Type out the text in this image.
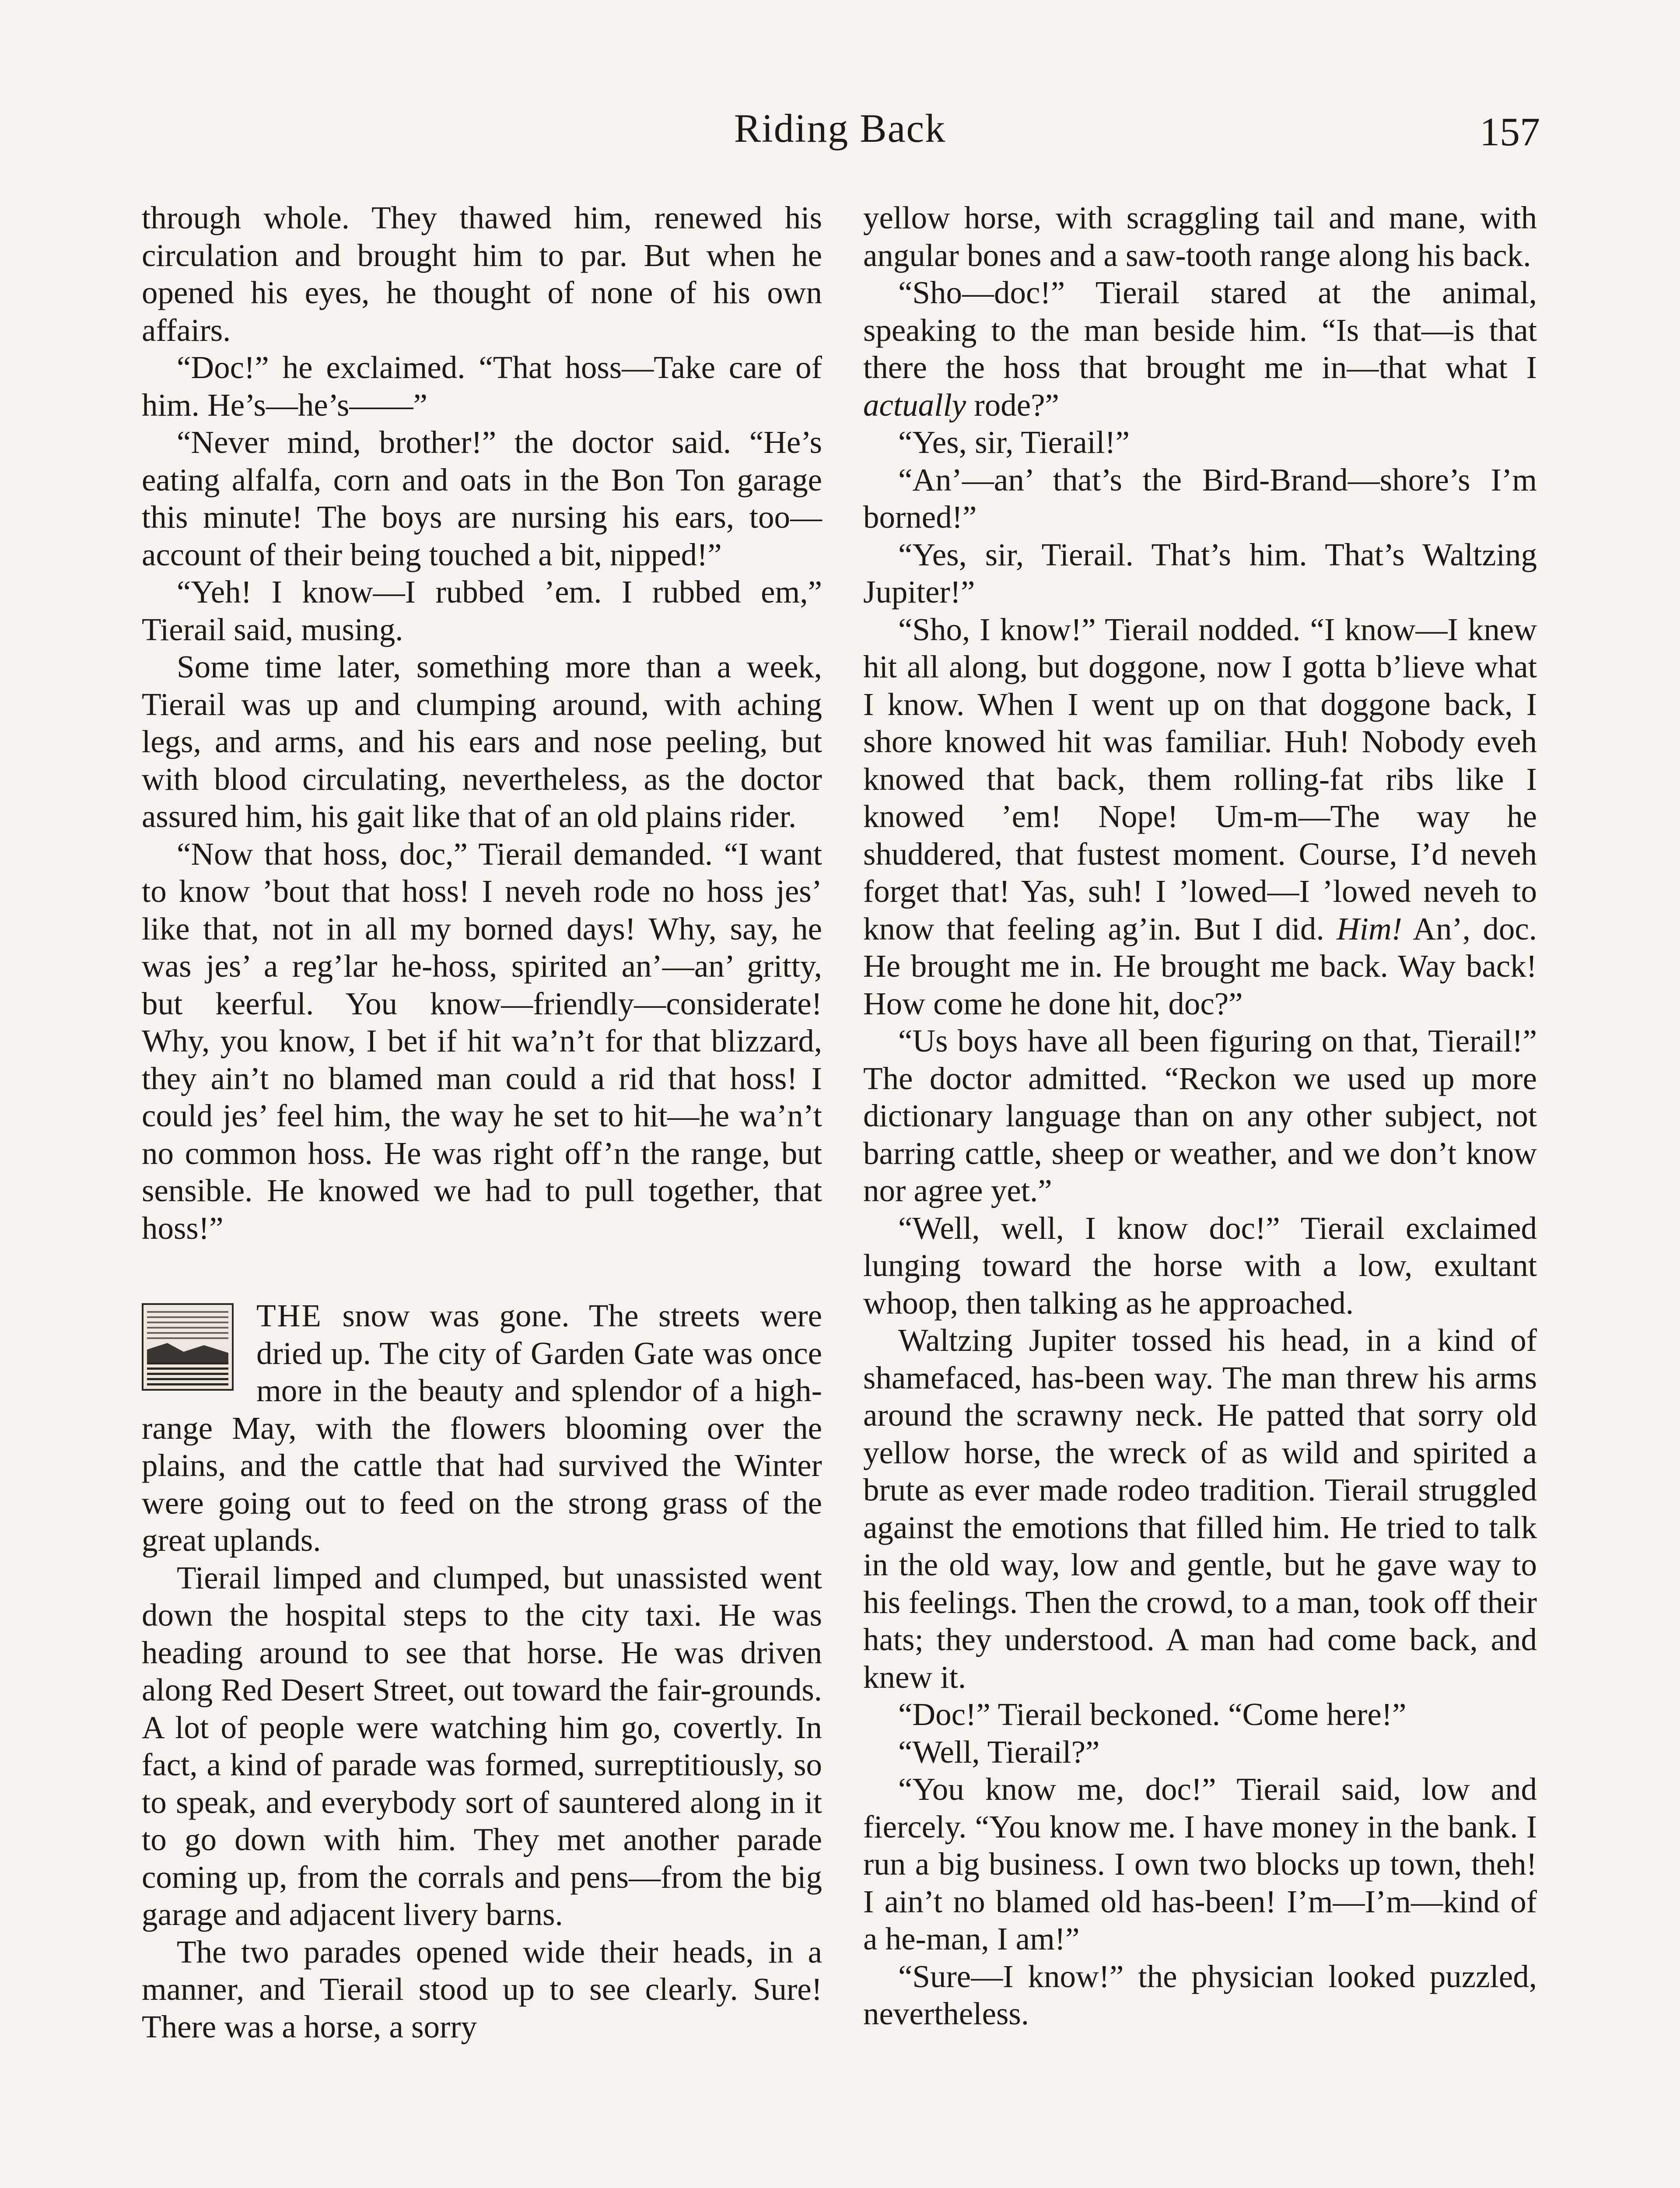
Riding Back	157

through whole. They thawed him, renewed his circulation and brought him to par. But when he opened his eyes, he thought of none of his own affairs.

“Doc!” he exclaimed. “That hoss—Take care of him. He’s—he’s——”

“Never mind, brother!” the doctor said. “He’s eating alfalfa, corn and oats in the Bon Ton garage this minute! The boys are nursing his ears, too—account of their being touched a bit, nipped!”

“Yeh! I know—I rubbed ’em. I rubbed em,” Tierail said, musing.

Some time later, something more than a week, Tierail was up and clumping around, with aching legs, and arms, and his ears and nose peeling, but with blood circulating, nevertheless, as the doctor assured him, his gait like that of an old plains rider.

“Now that hoss, doc,” Tierail demanded. “I want to know ’bout that hoss! I neveh rode no hoss jes’ like that, not in all my borned days! Why, say, he was jes’ a reg’lar he-hoss, spirited an’—an’ gritty, but keerful. You know—friendly—considerate! Why, you know, I bet if hit wa’n’t for that blizzard, they ain’t no blamed man could a rid that hoss! I could jes’ feel him, the way he set to hit—he wa’n’t no common hoss. He was right off’n the range, but sensible. He knowed we had to pull together, that hoss!”

THE snow was gone. The streets were dried up. The city of Garden Gate was once more in the beauty and splendor of a high-range May, with the flowers blooming over the plains, and the cattle that had survived the Winter were going out to feed on the strong grass of the great uplands.

Tierail limped and clumped, but unassisted went down the hospital steps to the city taxi. He was heading around to see that horse. He was driven along Red Desert Street, out toward the fair-grounds. A lot of people were watching him go, covertly. In fact, a kind of parade was formed, surreptitiously, so to speak, and everybody sort of sauntered along in it to go down with him. They met another parade coming up, from the corrals and pens—from the big garage and adjacent livery barns.

The two parades opened wide their heads, in a manner, and Tierail stood up to see clearly. Sure! There was a horse, a sorry

yellow horse, with scraggling tail and mane, with angular bones and a saw-tooth range along his back.

“Sho—doc!” Tierail stared at the animal, speaking to the man beside him. “Is that—is that there the hoss that brought me in—that what I actually rode?”

“Yes, sir, Tierail!”

“An’—an’ that’s the Bird-Brand—shore’s I’m borned!”

“Yes, sir, Tierail. That’s him. That’s Waltzing Jupiter!”

“Sho, I know!” Tierail nodded. “I know—I knew hit all along, but doggone, now I gotta b’lieve what I know. When I went up on that doggone back, I shore knowed hit was familiar. Huh! Nobody eveh knowed that back, them rolling-fat ribs like I knowed ’em! Nope! Um-m—The way he shuddered, that fustest moment. Course, I’d neveh forget that! Yas, suh! I ’lowed—I ’lowed neveh to know that feeling ag’in. But I did. Him! An’, doc. He brought me in. He brought me back. Way back! How come he done hit, doc?”

“Us boys have all been figuring on that, Tierail!” The doctor admitted. “Reckon we used up more dictionary language than on any other subject, not barring cattle, sheep or weather, and we don’t know nor agree yet.”

“Well, well, I know doc!” Tierail exclaimed lunging toward the horse with a low, exultant whoop, then talking as he approached.

Waltzing Jupiter tossed his head, in a kind of shamefaced, has-been way. The man threw his arms around the scrawny neck. He patted that sorry old yellow horse, the wreck of as wild and spirited a brute as ever made rodeo tradition. Tierail struggled against the emotions that filled him. He tried to talk in the old way, low and gentle, but he gave way to his feelings. Then the crowd, to a man, took off their hats; they understood. A man had come back, and knew it.

“Doc!” Tierail beckoned. “Come here!”

“Well, Tierail?”

“You know me, doc!” Tierail said, low and fiercely. “You know me. I have money in the bank. I run a big business. I own two blocks up town, theh! I ain’t no blamed old has-been! I’m—I’m—kind of a he-man, I am!”

“Sure—I know!” the physician looked puzzled, nevertheless.
